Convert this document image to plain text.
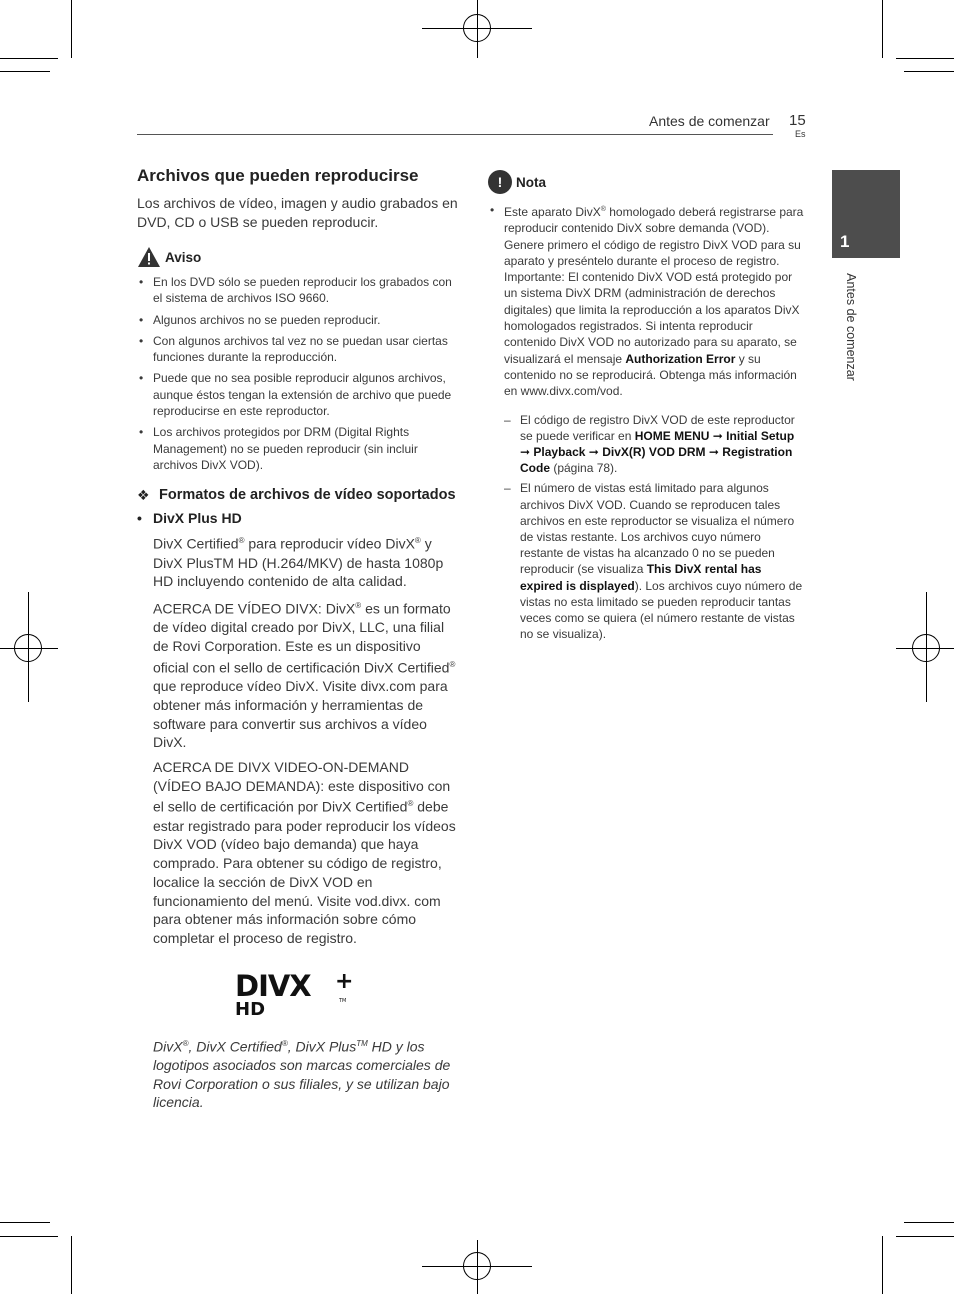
Antes de comenzar 15
Es
1
Antes de comenzar
Archivos que pueden reproducirse

Los archivos de vídeo, imagen y audio grabados en DVD, CD o USB se pueden reproducir.

Aviso
• En los DVD sólo se pueden reproducir los grabados con el sistema de archivos ISO 9660.
• Algunos archivos no se pueden reproducir.
• Con algunos archivos tal vez no se puedan usar ciertas funciones durante la reproducción.
• Puede que no sea posible reproducir algunos archivos, aunque éstos tengan la extensión de archivo que puede reproducirse en este reproductor.
• Los archivos protegidos por DRM (Digital Rights Management) no se pueden reproducir (sin incluir archivos DivX VOD).
❖ Formatos de archivos de vídeo soportados
• DivX Plus HD

DivX Certified® para reproducir vídeo DivX® y DivX PlusTM HD (H.264/MKV) de hasta 1080p HD incluyendo contenido de alta calidad.

ACERCA DE VÍDEO DIVX: DivX® es un formato de vídeo digital creado por DivX, LLC, una filial de Rovi Corporation. Este es un dispositivo oficial con el sello de certificación DivX Certified® que reproduce vídeo DivX. Visite divx.com para obtener más información y herramientas de software para convertir sus archivos a vídeo DivX.

ACERCA DE DIVX VIDEO-ON-DEMAND (VÍDEO BAJO DEMANDA): este dispositivo con el sello de certificación por DivX Certified® debe estar registrado para poder reproducir los vídeos DivX VOD (vídeo bajo demanda) que haya comprado. Para obtener su código de registro, localice la sección de DivX VOD en funcionamiento del menú. Visite vod.divx. com para obtener más información sobre cómo completar el proceso de registro.

DIVX +
HD	TM

DivX®, DivX Certified®, DivX Plus™ HD y los logotipos asociados son marcas comerciales de Rovi Corporation o sus filiales, y se utilizan bajo licencia.

!	Nota
• Este aparato DivX® homologado deberá registrarse para reproducir contenido DivX sobre demanda (VOD). Genere primero el código de registro DivX VOD para su aparato y preséntelo durante el proceso de registro. Importante: El contenido DivX VOD está protegido por un sistema DivX DRM (administración de derechos digitales) que limita la reproducción a los aparatos DivX homologados registrados. Si intenta reproducir contenido DivX VOD no autorizado para su aparato, se visualizará el mensaje Authorization Error y su contenido no se reproducirá. Obtenga más información en www.divx.com/vod.
– El código de registro DivX VOD de este reproductor se puede verificar en HOME MENU ➞ Initial Setup ➞ Playback ➞ DivX(R) VOD DRM ➞ Registration Code (página 78).
– El número de vistas está limitado para algunos archivos DivX VOD. Cuando se reproducen tales archivos en este reproductor se visualiza el número de vistas restante. Los archivos cuyo número restante de vistas ha alcanzado 0 no se pueden reproducir (se visualiza This DivX rental has expired is displayed). Los archivos cuyo número de vistas no esta limitado se pueden reproducir tantas veces como se quiera (el número restante de vistas no se visualiza).
